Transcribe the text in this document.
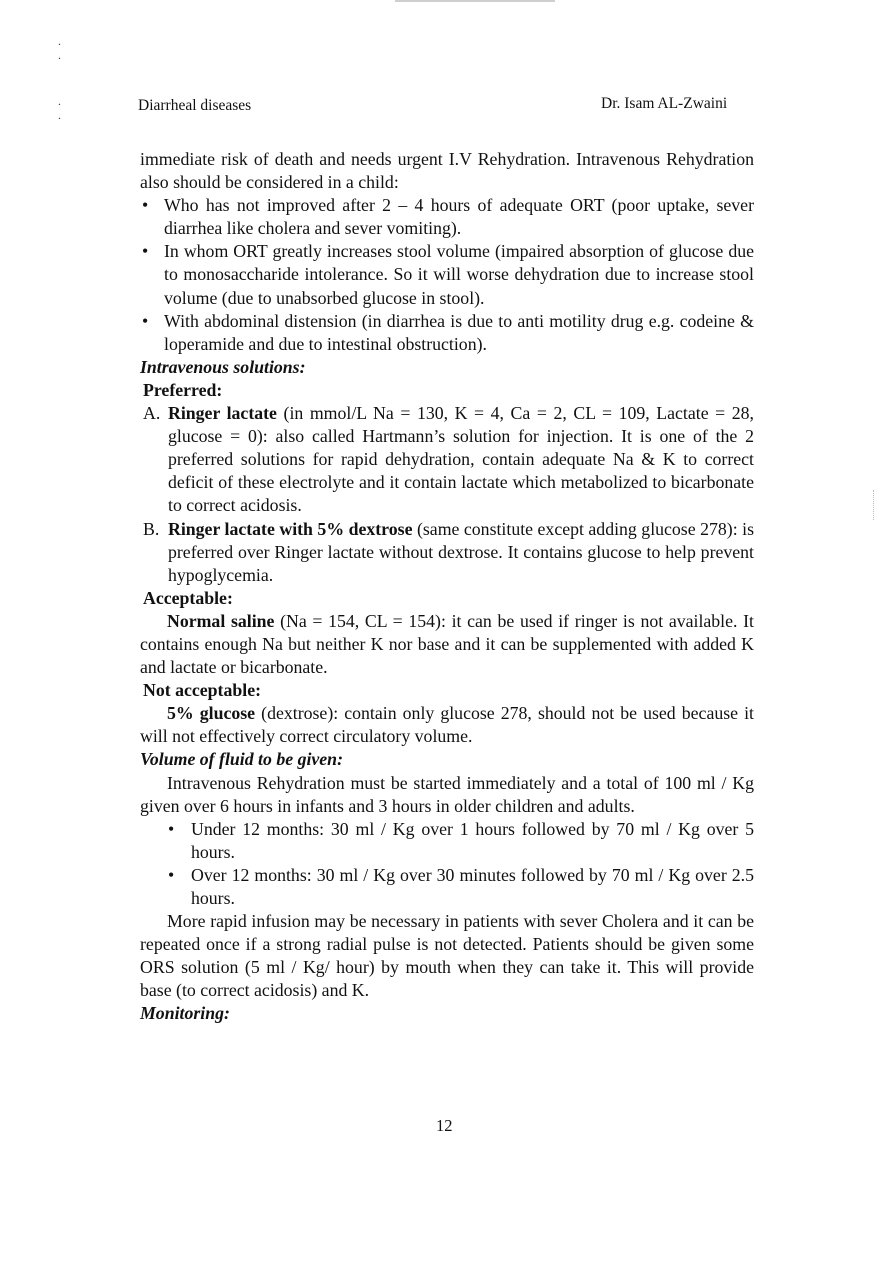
.
.
.
.
Diarrheal diseases	Dr. Isam AL-Zwaini

immediate risk of death and needs urgent I.V Rehydration. Intravenous Rehydration also should be considered in a child:

• Who has not improved after 2 – 4 hours of adequate ORT (poor uptake, sever diarrhea like cholera and sever vomiting).

• In whom ORT greatly increases stool volume (impaired absorption of glucose due to monosaccharide intolerance. So it will worse dehydration due to increase stool volume (due to unabsorbed glucose in stool).

• With abdominal distension (in diarrhea is due to anti motility drug e.g. codeine & loperamide and due to intestinal obstruction).

Intravenous solutions:

Preferred:

A. Ringer lactate (in mmol/L Na = 130, K = 4, Ca = 2, CL = 109, Lactate = 28, glucose = 0): also called Hartmann’s solution for injection. It is one of the 2 preferred solutions for rapid dehydration, contain adequate Na & K to correct deficit of these electrolyte and it contain lactate which metabolized to bicarbonate to correct acidosis.

B. Ringer lactate with 5% dextrose (same constitute except adding glucose 278): is preferred over Ringer lactate without dextrose. It contains glucose to help prevent hypoglycemia.

Acceptable:

Normal saline (Na = 154, CL = 154): it can be used if ringer is not available. It contains enough Na but neither K nor base and it can be supplemented with added K and lactate or bicarbonate.

Not acceptable:

5% glucose (dextrose): contain only glucose 278, should not be used because it will not effectively correct circulatory volume.

Volume of fluid to be given:

Intravenous Rehydration must be started immediately and a total of 100 ml / Kg given over 6 hours in infants and 3 hours in older children and adults.

• Under 12 months: 30 ml / Kg over 1 hours followed by 70 ml / Kg over 5 hours.

• Over 12 months: 30 ml / Kg over 30 minutes followed by 70 ml / Kg over 2.5 hours.

More rapid infusion may be necessary in patients with sever Cholera and it can be repeated once if a strong radial pulse is not detected. Patients should be given some ORS solution (5 ml / Kg/ hour) by mouth when they can take it. This will provide base (to correct acidosis) and K.

Monitoring:

12
